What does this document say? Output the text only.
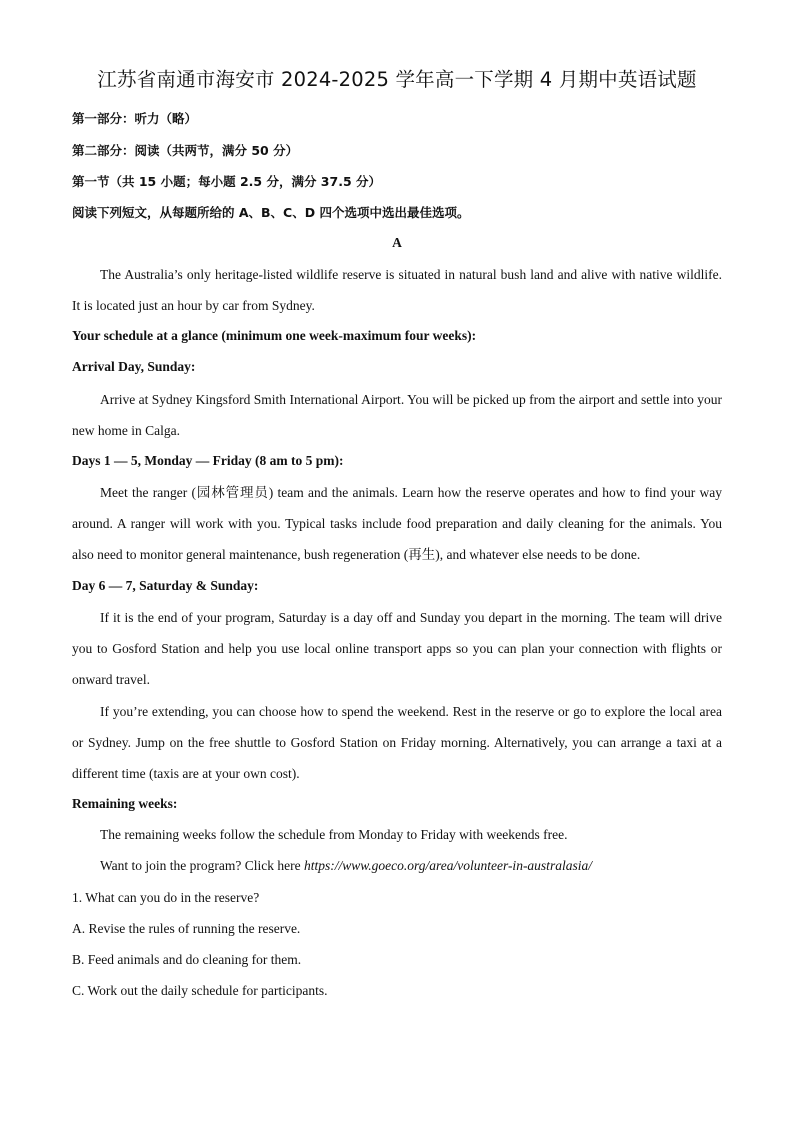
江苏省南通市海安市 2024-2025 学年高一下学期 4 月期中英语试题
第一部分：听力（略）
第二部分：阅读（共两节，满分 50 分）
第一节（共 15 小题；每小题 2.5 分，满分 37.5 分）
阅读下列短文，从每题所给的 A、B、C、D 四个选项中选出最佳选项。
A

The Australia’s only heritage-listed wildlife reserve is situated in natural bush land and alive with native wildlife. It is located just an hour by car from Sydney.

Your schedule at a glance (minimum one week-maximum four weeks):
Arrival Day, Sunday:

Arrive at Sydney Kingsford Smith International Airport. You will be picked up from the airport and settle into your new home in Calga.

Days 1 — 5, Monday — Friday (8 am to 5 pm):

Meet the ranger (园林管理员) team and the animals. Learn how the reserve operates and how to find your way around. A ranger will work with you. Typical tasks include food preparation and daily cleaning for the animals. You also need to monitor general maintenance, bush regeneration (再生), and whatever else needs to be done.

Day 6 — 7, Saturday & Sunday:

If it is the end of your program, Saturday is a day off and Sunday you depart in the morning. The team will drive you to Gosford Station and help you use local online transport apps so you can plan your connection with flights or onward travel.

If you’re extending, you can choose how to spend the weekend. Rest in the reserve or go to explore the local area or Sydney. Jump on the free shuttle to Gosford Station on Friday morning. Alternatively, you can arrange a taxi at a different time (taxis are at your own cost).

Remaining weeks:
The remaining weeks follow the schedule from Monday to Friday with weekends free.
Want to join the program? Click here https://www.goeco.org/area/volunteer-in-australasia/
1. What can you do in the reserve?
A. Revise the rules of running the reserve.
B. Feed animals and do cleaning for them.
C. Work out the daily schedule for participants.
